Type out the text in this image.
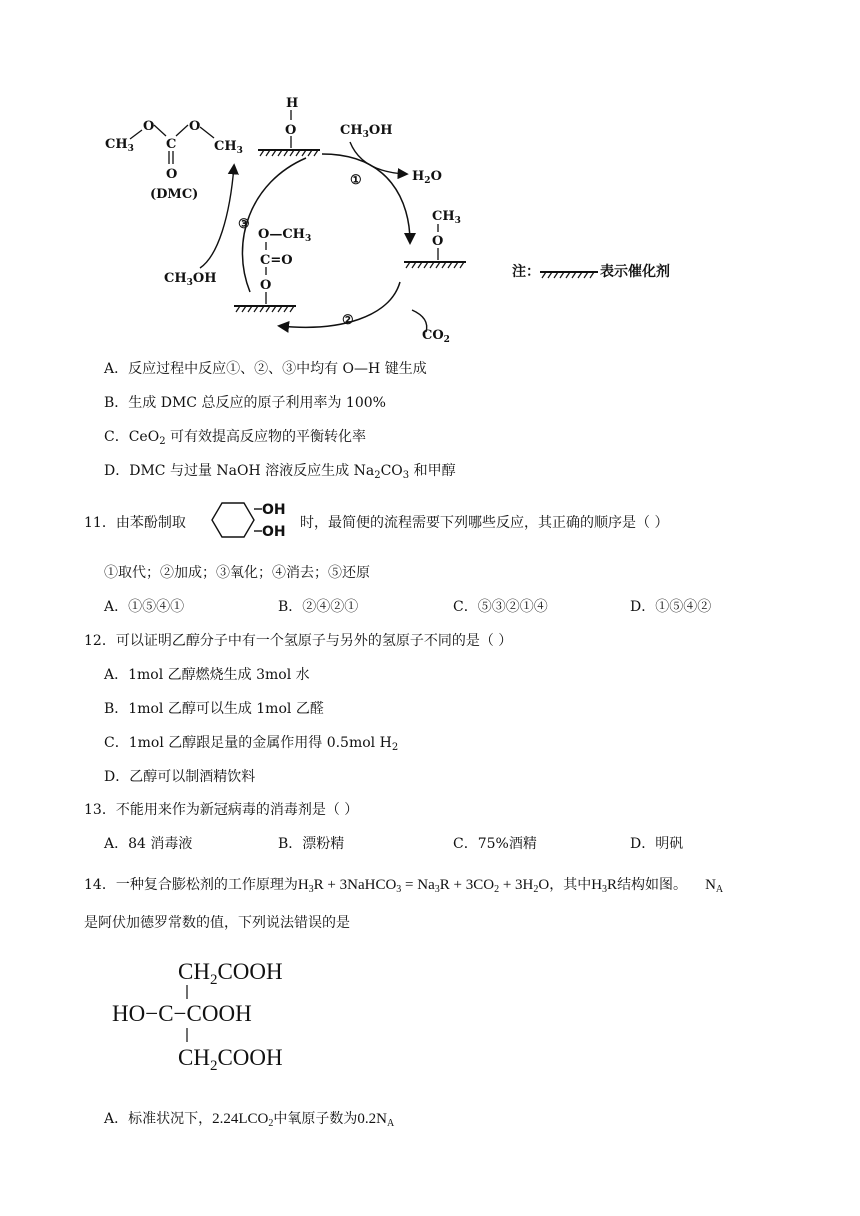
$CH_3$
O
C
O
$CH_3$
O
(DMC)
H
O	$CH_3OH$
$H_2O$
①
$CH_3$
O
$CO_2$
②
$O—CH_3$
C=O
O
$CH_3OH$
③
注：	表示催化剂
A．反应过程中反应①、②、③中均有 O—H 键生成
B．生成 DMC 总反应的原子利用率为 100%
C．CeO$_2$ 可有效提高反应物的平衡转化率
D．DMC 与过量 NaOH 溶液反应生成 $Na_2CO_3$ 和甲醇
11．由苯酚制取
OH
OH
时，最简便的流程需要下列哪些反应，其正确的顺序是（ ）
①取代；②加成；③氧化；④消去；⑤还原
A．①⑤④①	B．②④②①	C．⑤③②①④	D．①⑤④②
12．可以证明乙醇分子中有一个氢原子与另外的氢原子不同的是（ ）
A．1mol 乙醇燃烧生成 3mol 水
B．1mol 乙醇可以生成 1mol 乙醛
C．1mol 乙醇跟足量的金属作用得 0.5mol $H_2$
D．乙醇可以制酒精饮料
13．不能用来作为新冠病毒的消毒剂是（ ）
A．84 消毒液	B．漂粉精	C．75%酒精	D．明矾
14．一种复合膨松剂的工作原理为$H_3R$ + 3NaHCO$_3$ = $Na_3R + 3CO_2 + 3H_2O$，其中$H_3R$结构如图。 $N_A$
是阿伏加德罗常数的值，下列说法错误的是
$CH_2COOH$
HO−C−COOH
$CH_2COOH$
A．标准状况下，$2.24LCO_2$中氧原子数为$0.2N_A$
